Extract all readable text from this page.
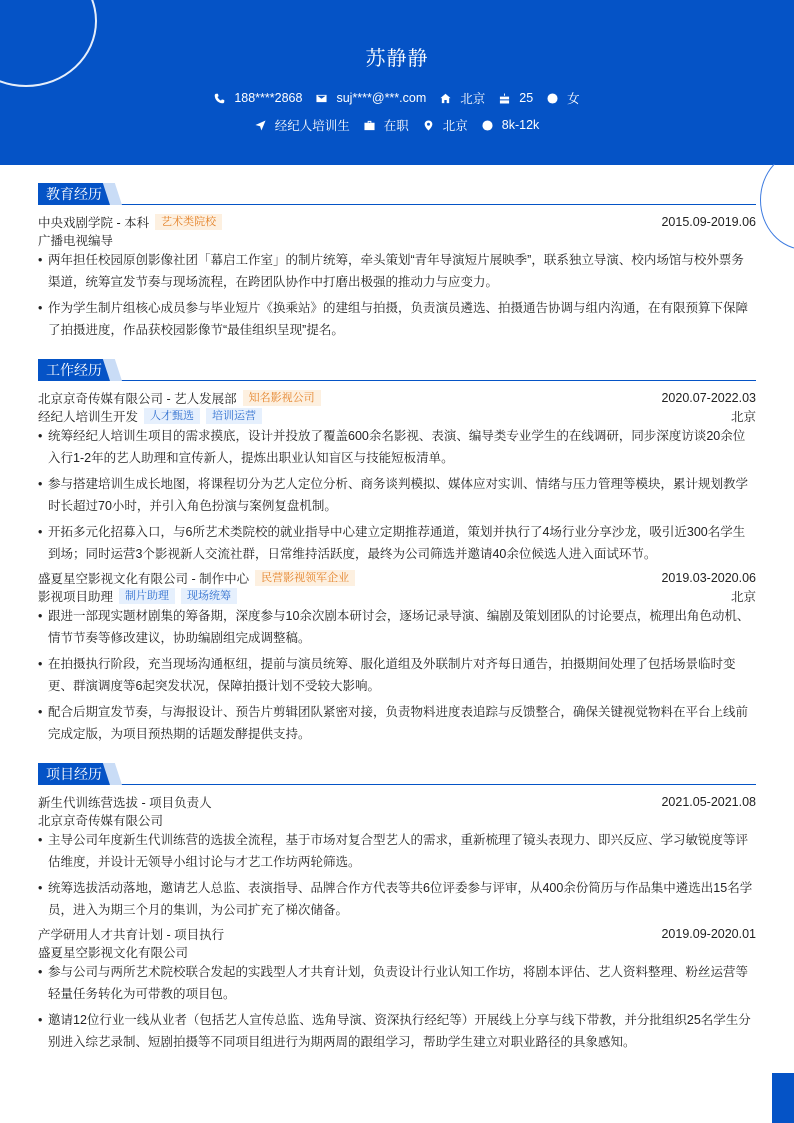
苏静静
188****2868	suj****@***.com	北京	25	女
经纪人培训生	在职	北京	8k-12k
教育经历
中央戏剧学院 - 本科	艺术类院校	2015.09-2019.06
广播电视编导
• 两年担任校园原创影像社团「幕启工作室」的制片统筹，牵头策划“青年导演短片展映季”，联系独立导演、校内场馆与校外票务渠道，统筹宣发节奏与现场流程，在跨团队协作中打磨出极强的推动力与应变力。
• 作为学生制片组核心成员参与毕业短片《换乘站》的建组与拍摄，负责演员遴选、拍摄通告协调与组内沟通，在有限预算下保障了拍摄进度，作品获校园影像节“最佳组织呈现”提名。
工作经历
北京京奇传媒有限公司 - 艺人发展部	知名影视公司	2020.07-2022.03
经纪人培训生开发	人才甄选	培训运营	北京
• 统筹经纪人培训生项目的需求摸底，设计并投放了覆盖600余名影视、表演、编导类专业学生的在线调研，同步深度访谈20余位入行1-2年的艺人助理和宣传新人，提炼出职业认知盲区与技能短板清单。
• 参与搭建培训生成长地图，将课程切分为艺人定位分析、商务谈判模拟、媒体应对实训、情绪与压力管理等模块，累计规划教学时长超过70小时，并引入角色扮演与案例复盘机制。
• 开拓多元化招募入口，与6所艺术类院校的就业指导中心建立定期推荐通道，策划并执行了4场行业分享沙龙，吸引近300名学生到场；同时运营3个影视新人交流社群，日常维持活跃度，最终为公司筛选并邀请40余位候选人进入面试环节。
盛夏星空影视文化有限公司 - 制作中心	民营影视领军企业	2019.03-2020.06
影视项目助理	制片助理	现场统筹	北京
• 跟进一部现实题材剧集的筹备期，深度参与10余次剧本研讨会，逐场记录导演、编剧及策划团队的讨论要点，梳理出角色动机、情节节奏等修改建议，协助编剧组完成调整稿。
• 在拍摄执行阶段，充当现场沟通枢纽，提前与演员统筹、服化道组及外联制片对齐每日通告，拍摄期间处理了包括场景临时变更、群演调度等6起突发状况，保障拍摄计划不受较大影响。
• 配合后期宣发节奏，与海报设计、预告片剪辑团队紧密对接，负责物料进度表追踪与反馈整合，确保关键视觉物料在平台上线前完成定版，为项目预热期的话题发酵提供支持。
项目经历
新生代训练营选拔 - 项目负责人	2021.05-2021.08
北京京奇传媒有限公司
• 主导公司年度新生代训练营的选拔全流程，基于市场对复合型艺人的需求，重新梳理了镜头表现力、即兴反应、学习敏锐度等评估维度，并设计无领导小组讨论与才艺工作坊两轮筛选。
• 统筹选拔活动落地，邀请艺人总监、表演指导、品牌合作方代表等共6位评委参与评审，从400余份简历与作品集中遴选出15名学员，进入为期三个月的集训，为公司扩充了梯次储备。
产学研用人才共育计划 - 项目执行	2019.09-2020.01
盛夏星空影视文化有限公司
• 参与公司与两所艺术院校联合发起的实践型人才共育计划，负责设计行业认知工作坊，将剧本评估、艺人资料整理、粉丝运营等轻量任务转化为可带教的项目包。
• 邀请12位行业一线从业者（包括艺人宣传总监、选角导演、资深执行经纪等）开展线上分享与线下带教，并分批组织25名学生分别进入综艺录制、短剧拍摄等不同项目组进行为期两周的跟组学习，帮助学生建立对职业路径的具象感知。
